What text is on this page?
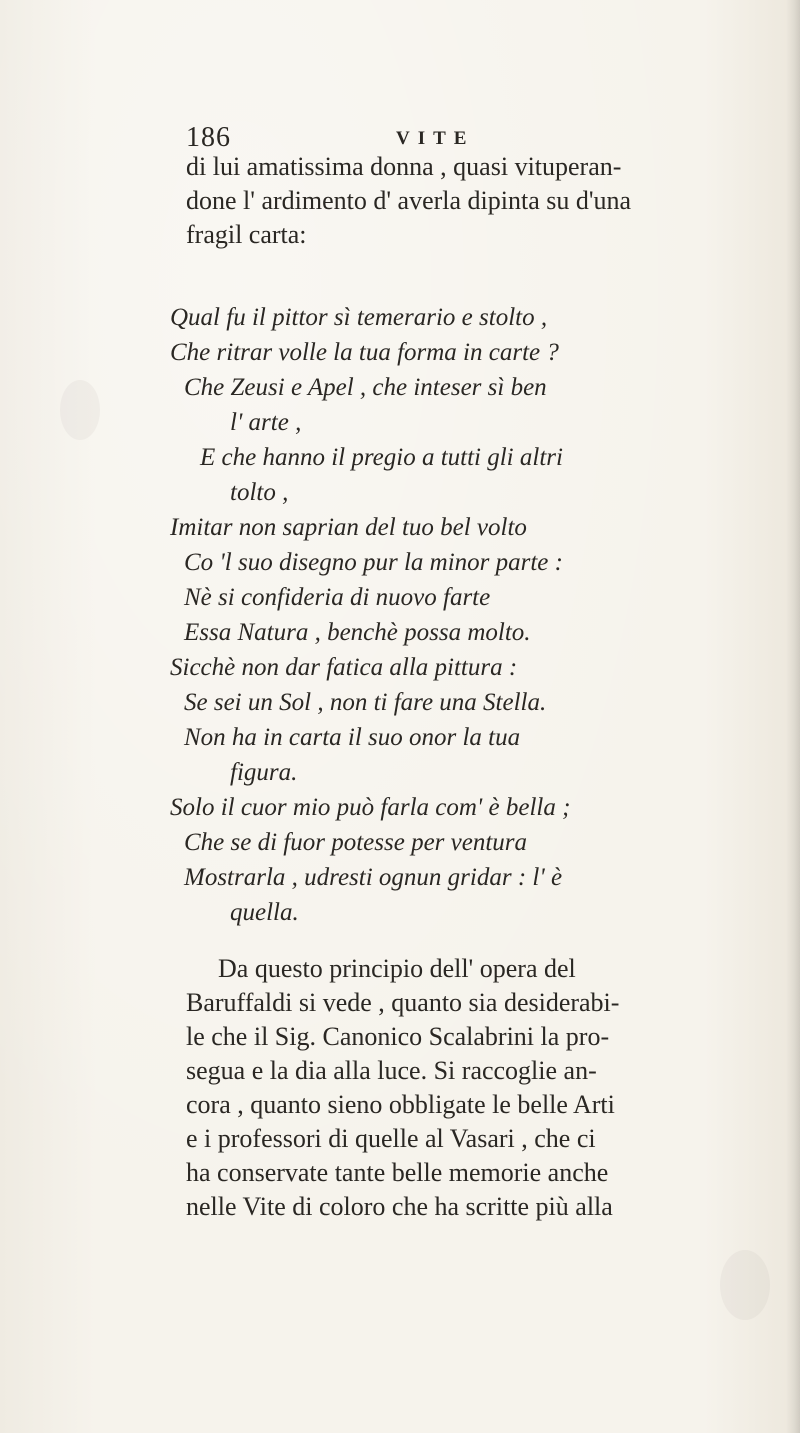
186	VITE
di lui amatissima donna , quasi vituperan-
done l' ardimento d' averla dipinta su d'una
fragil carta:
Qual fu il pittor sì temerario e stolto ,
Che ritrar volle la tua forma in carte ?
Che Zeusi e Apel , che inteser sì ben
l' arte ,
E che hanno il pregio a tutti gli altri
tolto ,
Imitar non saprian del tuo bel volto
Co 'l suo disegno pur la minor parte :
Nè si confideria di nuovo farte
Essa Natura , benchè possa molto.
Sicchè non dar fatica alla pittura :
Se sei un Sol , non ti fare una Stella.
Non ha in carta il suo onor la tua
figura.
Solo il cuor mio può farla com' è bella ;
Che se di fuor potesse per ventura
Mostrarla , udresti ognun gridar : l' è
quella.
Da questo principio dell' opera del
Baruffaldi si vede , quanto sia desiderabi-
le che il Sig. Canonico Scalabrini la pro-
segua e la dia alla luce. Si raccoglie an-
cora , quanto sieno obbligate le belle Arti
e i professori di quelle al Vasari , che ci
ha conservate tante belle memorie anche
nelle Vite di coloro che ha scritte più alla
